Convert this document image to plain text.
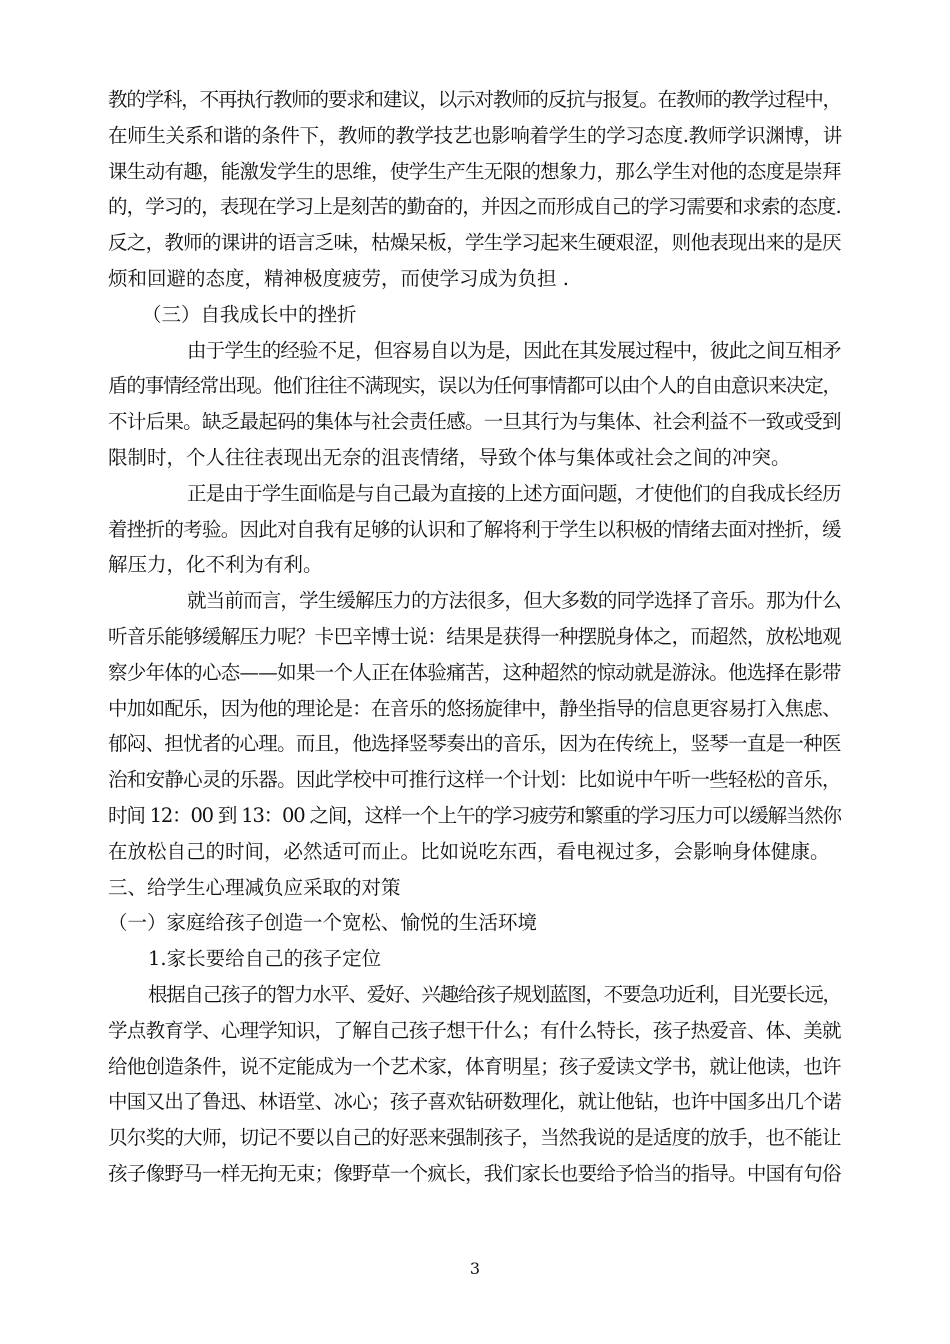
教的学科，不再执行教师的要求和建议，以示对教师的反抗与报复。在教师的教学过程中，
在师生关系和谐的条件下，教师的教学技艺也影响着学生的学习态度.教师学识渊博，讲
课生动有趣，能激发学生的思维，使学生产生无限的想象力，那么学生对他的态度是崇拜
的，学习的，表现在学习上是刻苦的勤奋的，并因之而形成自己的学习需要和求索的态度.
反之，教师的课讲的语言乏味，枯燥呆板，学生学习起来生硬艰涩，则他表现出来的是厌
烦和回避的态度，精神极度疲劳，而使学习成为负担 .
（三）自我成长中的挫折
由于学生的经验不足，但容易自以为是，因此在其发展过程中，彼此之间互相矛
盾的事情经常出现。他们往往不满现实，误以为任何事情都可以由个人的自由意识来决定，
不计后果。缺乏最起码的集体与社会责任感。一旦其行为与集体、社会利益不一致或受到
限制时，个人往往表现出无奈的沮丧情绪，导致个体与集体或社会之间的冲突。
正是由于学生面临是与自己最为直接的上述方面问题，才使他们的自我成长经历
着挫折的考验。因此对自我有足够的认识和了解将利于学生以积极的情绪去面对挫折，缓
解压力，化不利为有利。
就当前而言，学生缓解压力的方法很多，但大多数的同学选择了音乐。那为什么
听音乐能够缓解压力呢？卡巴辛博士说：结果是获得一种摆脱身体之，而超然，放松地观
察少年体的心态——如果一个人正在体验痛苦，这种超然的惊动就是游泳。他选择在影带
中加如配乐，因为他的理论是：在音乐的悠扬旋律中，静坐指导的信息更容易打入焦虑、
郁闷、担忧者的心理。而且，他选择竖琴奏出的音乐，因为在传统上，竖琴一直是一种医
治和安静心灵的乐器。因此学校中可推行这样一个计划：比如说中午听一些轻松的音乐，
时间 12：00 到 13：00 之间，这样一个上午的学习疲劳和繁重的学习压力可以缓解当然你
在放松自己的时间，必然适可而止。比如说吃东西，看电视过多，会影响身体健康。
三、给学生心理减负应采取的对策
（一）家庭给孩子创造一个宽松、愉悦的生活环境
1.家长要给自己的孩子定位
根据自己孩子的智力水平、爱好、兴趣给孩子规划蓝图，不要急功近利，目光要长远，
学点教育学、心理学知识，了解自己孩子想干什么；有什么特长，孩子热爱音、体、美就
给他创造条件，说不定能成为一个艺术家，体育明星；孩子爱读文学书，就让他读，也许
中国又出了鲁迅、林语堂、冰心；孩子喜欢钻研数理化，就让他钻，也许中国多出几个诺
贝尔奖的大师，切记不要以自己的好恶来强制孩子，当然我说的是适度的放手，也不能让
孩子像野马一样无拘无束；像野草一个疯长，我们家长也要给予恰当的指导。中国有句俗
3
